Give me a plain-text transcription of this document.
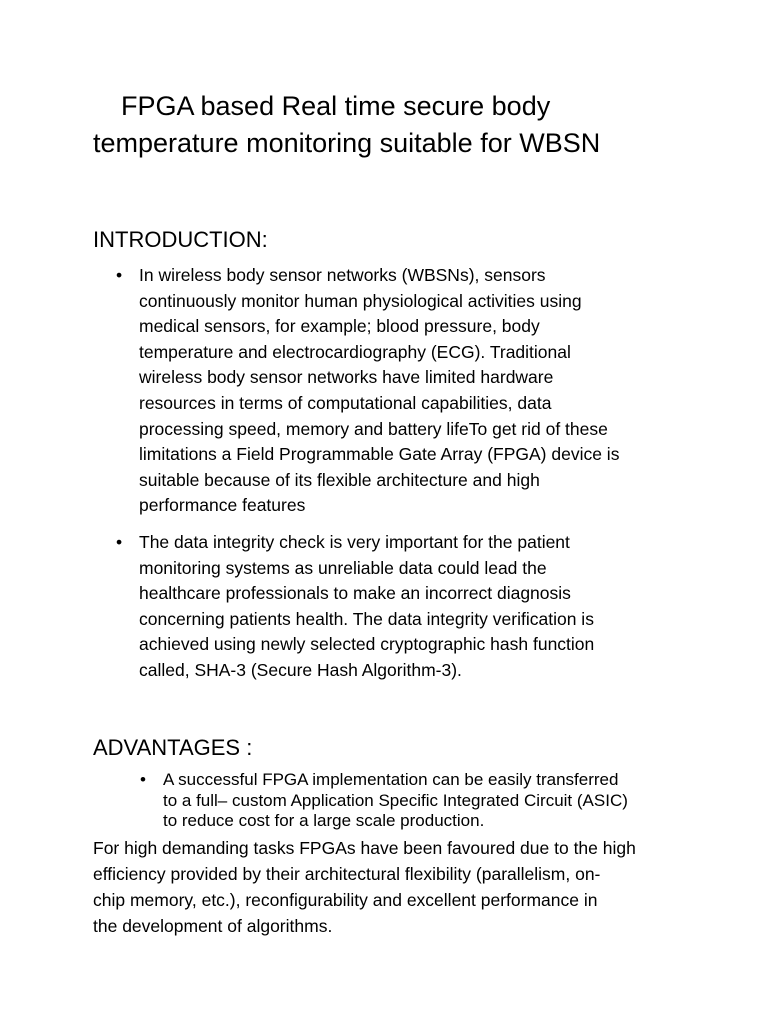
FPGA based Real time secure body
temperature monitoring suitable for WBSN
INTRODUCTION:
• In wireless body sensor networks (WBSNs), sensors
continuously monitor human physiological activities using
medical sensors, for example; blood pressure, body
temperature and electrocardiography (ECG). Traditional
wireless body sensor networks have limited hardware
resources in terms of computational capabilities, data
processing speed, memory and battery lifeTo get rid of these
limitations a Field Programmable Gate Array (FPGA) device is
suitable because of its flexible architecture and high
performance features
• The data integrity check is very important for the patient
monitoring systems as unreliable data could lead the
healthcare professionals to make an incorrect diagnosis
concerning patients health. The data integrity verification is
achieved using newly selected cryptographic hash function
called, SHA-3 (Secure Hash Algorithm-3).
ADVANTAGES :
• A successful FPGA implementation can be easily transferred
to a full– custom Application Specific Integrated Circuit (ASIC)
to reduce cost for a large scale production.
For high demanding tasks FPGAs have been favoured due to the high
efficiency provided by their architectural flexibility (parallelism, on-
chip memory, etc.), reconfigurability and excellent performance in
the development of algorithms.
